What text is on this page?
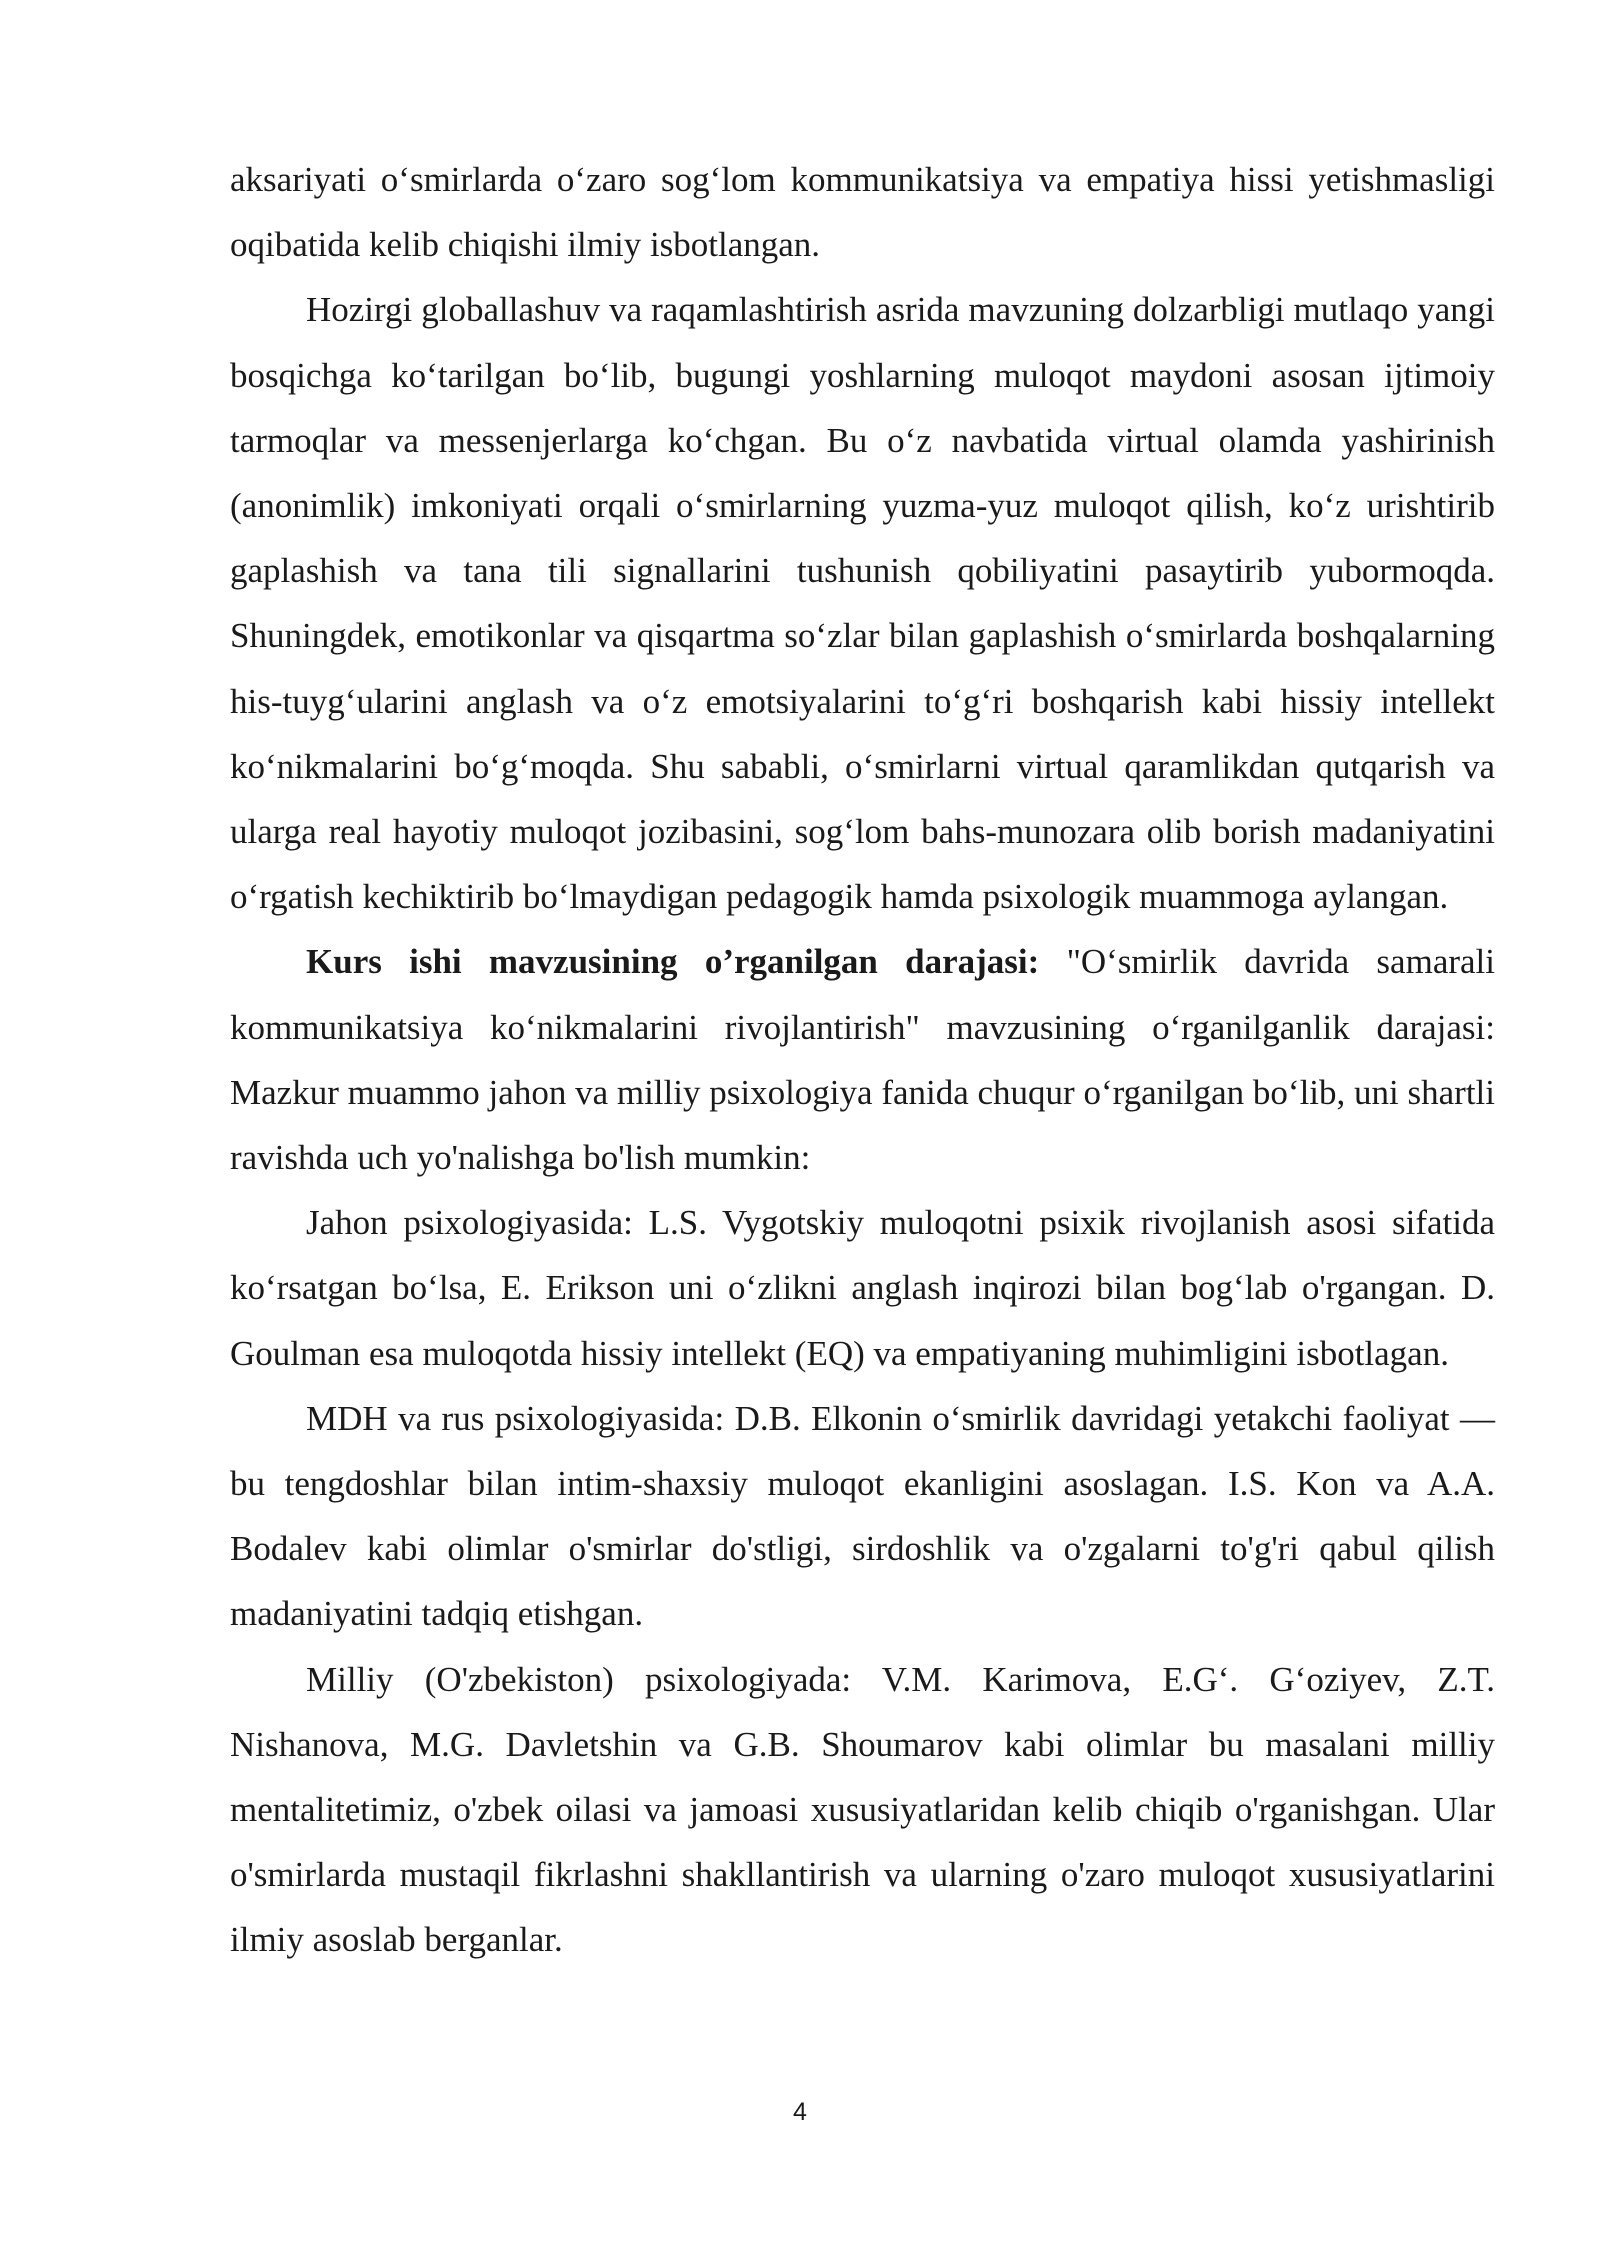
aksariyati o‘smirlarda o‘zaro sog‘lom kommunikatsiya va empatiya hissi yetishmasligi oqibatida kelib chiqishi ilmiy isbotlangan.

Hozirgi globallashuv va raqamlashtirish asrida mavzuning dolzarbligi mutlaqo yangi bosqichga ko‘tarilgan bo‘lib, bugungi yoshlarning muloqot maydoni asosan ijtimoiy tarmoqlar va messenjerlarga ko‘chgan. Bu o‘z navbatida virtual olamda yashirinish (anonimlik) imkoniyati orqali o‘smirlarning yuzma-yuz muloqot qilish, ko‘z urishtirib gaplashish va tana tili signallarini tushunish qobiliyatini pasaytirib yubormoqda. Shuningdek, emotikonlar va qisqartma so‘zlar bilan gaplashish o‘smirlarda boshqalarning his-tuyg‘ularini anglash va o‘z emotsiyalarini to‘g‘ri boshqarish kabi hissiy intellekt ko‘nikmalarini bo‘g‘moqda. Shu sababli, o‘smirlarni virtual qaramlikdan qutqarish va ularga real hayotiy muloqot jozibasini, sog‘lom bahs-munozara olib borish madaniyatini o‘rgatish kechiktirib bo‘lmaydigan pedagogik hamda psixologik muammoga aylangan.

Kurs ishi mavzusining o’rganilgan darajasi: "O‘smirlik davrida samarali kommunikatsiya ko‘nikmalarini rivojlantirish" mavzusining o‘rganilganlik darajasi: Mazkur muammo jahon va milliy psixologiya fanida chuqur o‘rganilgan bo‘lib, uni shartli ravishda uch yo'nalishga bo'lish mumkin:

Jahon psixologiyasida: L.S. Vygotskiy muloqotni psixik rivojlanish asosi sifatida ko‘rsatgan bo‘lsa, E. Erikson uni o‘zlikni anglash inqirozi bilan bog‘lab o'rgangan. D. Goulman esa muloqotda hissiy intellekt (EQ) va empatiyaning muhimligini isbotlagan.

MDH va rus psixologiyasida: D.B. Elkonin o‘smirlik davridagi yetakchi faoliyat — bu tengdoshlar bilan intim-shaxsiy muloqot ekanligini asoslagan. I.S. Kon va A.A. Bodalev kabi olimlar o'smirlar do'stligi, sirdoshlik va o'zgalarni to'g'ri qabul qilish madaniyatini tadqiq etishgan.

Milliy (O'zbekiston) psixologiyada: V.M. Karimova, E.G‘. G‘oziyev, Z.T. Nishanova, M.G. Davletshin va G.B. Shoumarov kabi olimlar bu masalani milliy mentalitetimiz, o'zbek oilasi va jamoasi xususiyatlaridan kelib chiqib o'rganishgan. Ular o'smirlarda mustaqil fikrlashni shakllantirish va ularning o'zaro muloqot xususiyatlarini ilmiy asoslab berganlar.

4
